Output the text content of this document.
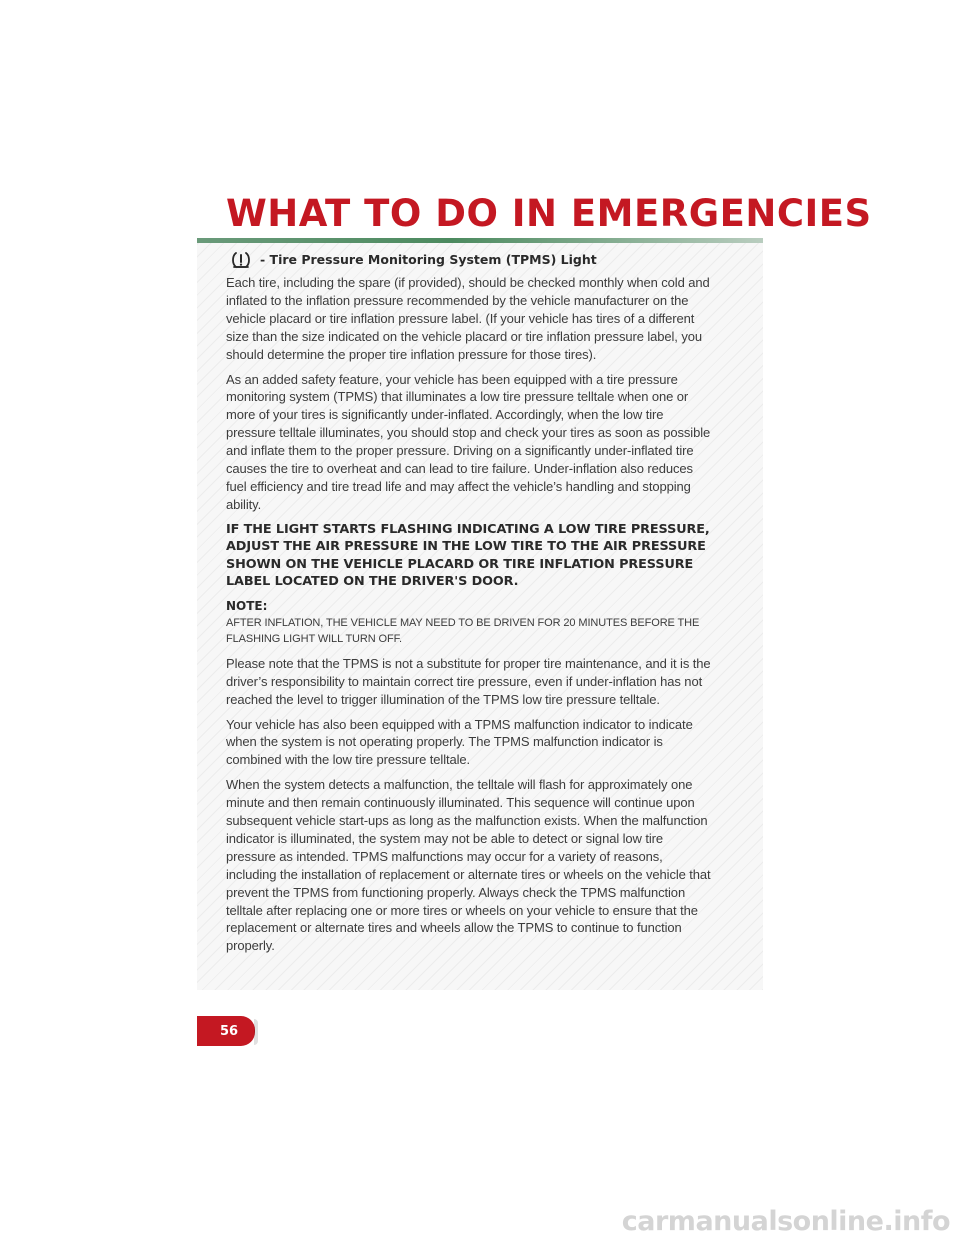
WHAT TO DO IN EMERGENCIES
- Tire Pressure Monitoring System (TPMS) Light

Each tire, including the spare (if provided), should be checked monthly when cold and inflated to the inflation pressure recommended by the vehicle manufacturer on the vehicle placard or tire inflation pressure label. (If your vehicle has tires of a different size than the size indicated on the vehicle placard or tire inflation pressure label, you should determine the proper tire inflation pressure for those tires).

As an added safety feature, your vehicle has been equipped with a tire pressure monitoring system (TPMS) that illuminates a low tire pressure telltale when one or more of your tires is significantly under-inflated. Accordingly, when the low tire pressure telltale illuminates, you should stop and check your tires as soon as possible and inflate them to the proper pressure. Driving on a significantly under-inflated tire causes the tire to overheat and can lead to tire failure. Under-inflation also reduces fuel efficiency and tire tread life and may affect the vehicle’s handling and stopping ability.

IF THE LIGHT STARTS FLASHING INDICATING A LOW TIRE PRESSURE, ADJUST THE AIR PRESSURE IN THE LOW TIRE TO THE AIR PRESSURE SHOWN ON THE VEHICLE PLACARD OR TIRE INFLATION PRESSURE LABEL LOCATED ON THE DRIVER'S DOOR.

NOTE:

AFTER INFLATION, THE VEHICLE MAY NEED TO BE DRIVEN FOR 20 MINUTES BEFORE THE FLASHING LIGHT WILL TURN OFF.

Please note that the TPMS is not a substitute for proper tire maintenance, and it is the driver’s responsibility to maintain correct tire pressure, even if under-inflation has not reached the level to trigger illumination of the TPMS low tire pressure telltale.

Your vehicle has also been equipped with a TPMS malfunction indicator to indicate when the system is not operating properly. The TPMS malfunction indicator is combined with the low tire pressure telltale.

When the system detects a malfunction, the telltale will flash for approximately one minute and then remain continuously illuminated. This sequence will continue upon subsequent vehicle start-ups as long as the malfunction exists. When the malfunction indicator is illuminated, the system may not be able to detect or signal low tire pressure as intended. TPMS malfunctions may occur for a variety of reasons, including the installation of replacement or alternate tires or wheels on the vehicle that prevent the TPMS from functioning properly. Always check the TPMS malfunction telltale after replacing one or more tires or wheels on your vehicle to ensure that the replacement or alternate tires and wheels allow the TPMS to continue to function properly.

56
carmanualsonline.info
